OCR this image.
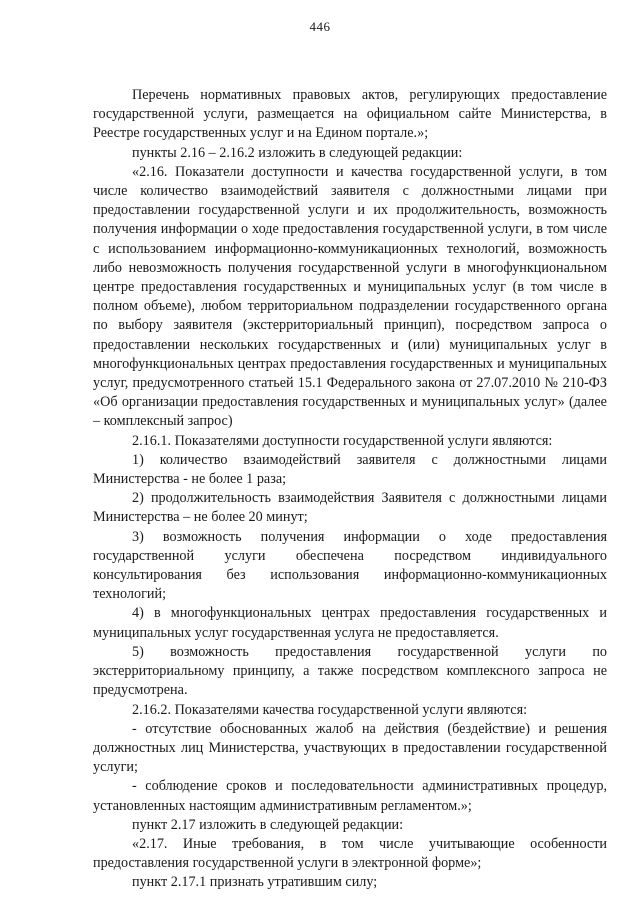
446

Перечень нормативных правовых актов, регулирующих предоставление государственной услуги, размещается на официальном сайте Министерства, в Реестре государственных услуг и на Едином портале.»;

пункты 2.16 – 2.16.2 изложить в следующей редакции:

«2.16. Показатели доступности и качества государственной услуги, в том числе количество взаимодействий заявителя с должностными лицами при предоставлении государственной услуги и их продолжительность, возможность получения информации о ходе предоставления государственной услуги, в том числе с использованием информационно-коммуникационных технологий, возможность либо невозможность получения государственной услуги в многофункциональном центре предоставления государственных и муниципальных услуг (в том числе в полном объеме), любом территориальном подразделении государственного органа по выбору заявителя (экстерриториальный принцип), посредством запроса о предоставлении нескольких государственных и (или) муниципальных услуг в многофункциональных центрах предоставления государственных и муниципальных услуг, предусмотренного статьей 15.1 Федерального закона от 27.07.2010 № 210-ФЗ «Об организации предоставления государственных и муниципальных услуг» (далее – комплексный запрос)

2.16.1. Показателями доступности государственной услуги являются:

1) количество взаимодействий заявителя с должностными лицами Министерства - не более 1 раза;

2) продолжительность взаимодействия Заявителя с должностными лицами Министерства – не более 20 минут;

3) возможность получения информации о ходе предоставления государственной услуги обеспечена посредством индивидуального консультирования без использования информационно-коммуникационных технологий;

4) в многофункциональных центрах предоставления государственных и муниципальных услуг государственная услуга не предоставляется.

5) возможность предоставления государственной услуги по экстерриториальному принципу, а также посредством комплексного запроса не предусмотрена.

2.16.2. Показателями качества государственной услуги являются:

- отсутствие обоснованных жалоб на действия (бездействие) и решения должностных лиц Министерства, участвующих в предоставлении государственной услуги;

- соблюдение сроков и последовательности административных процедур, установленных настоящим административным регламентом.»;

пункт 2.17 изложить в следующей редакции:

«2.17. Иные требования, в том числе учитывающие особенности предоставления государственной услуги в электронной форме»;

пункт 2.17.1 признать утратившим силу;
